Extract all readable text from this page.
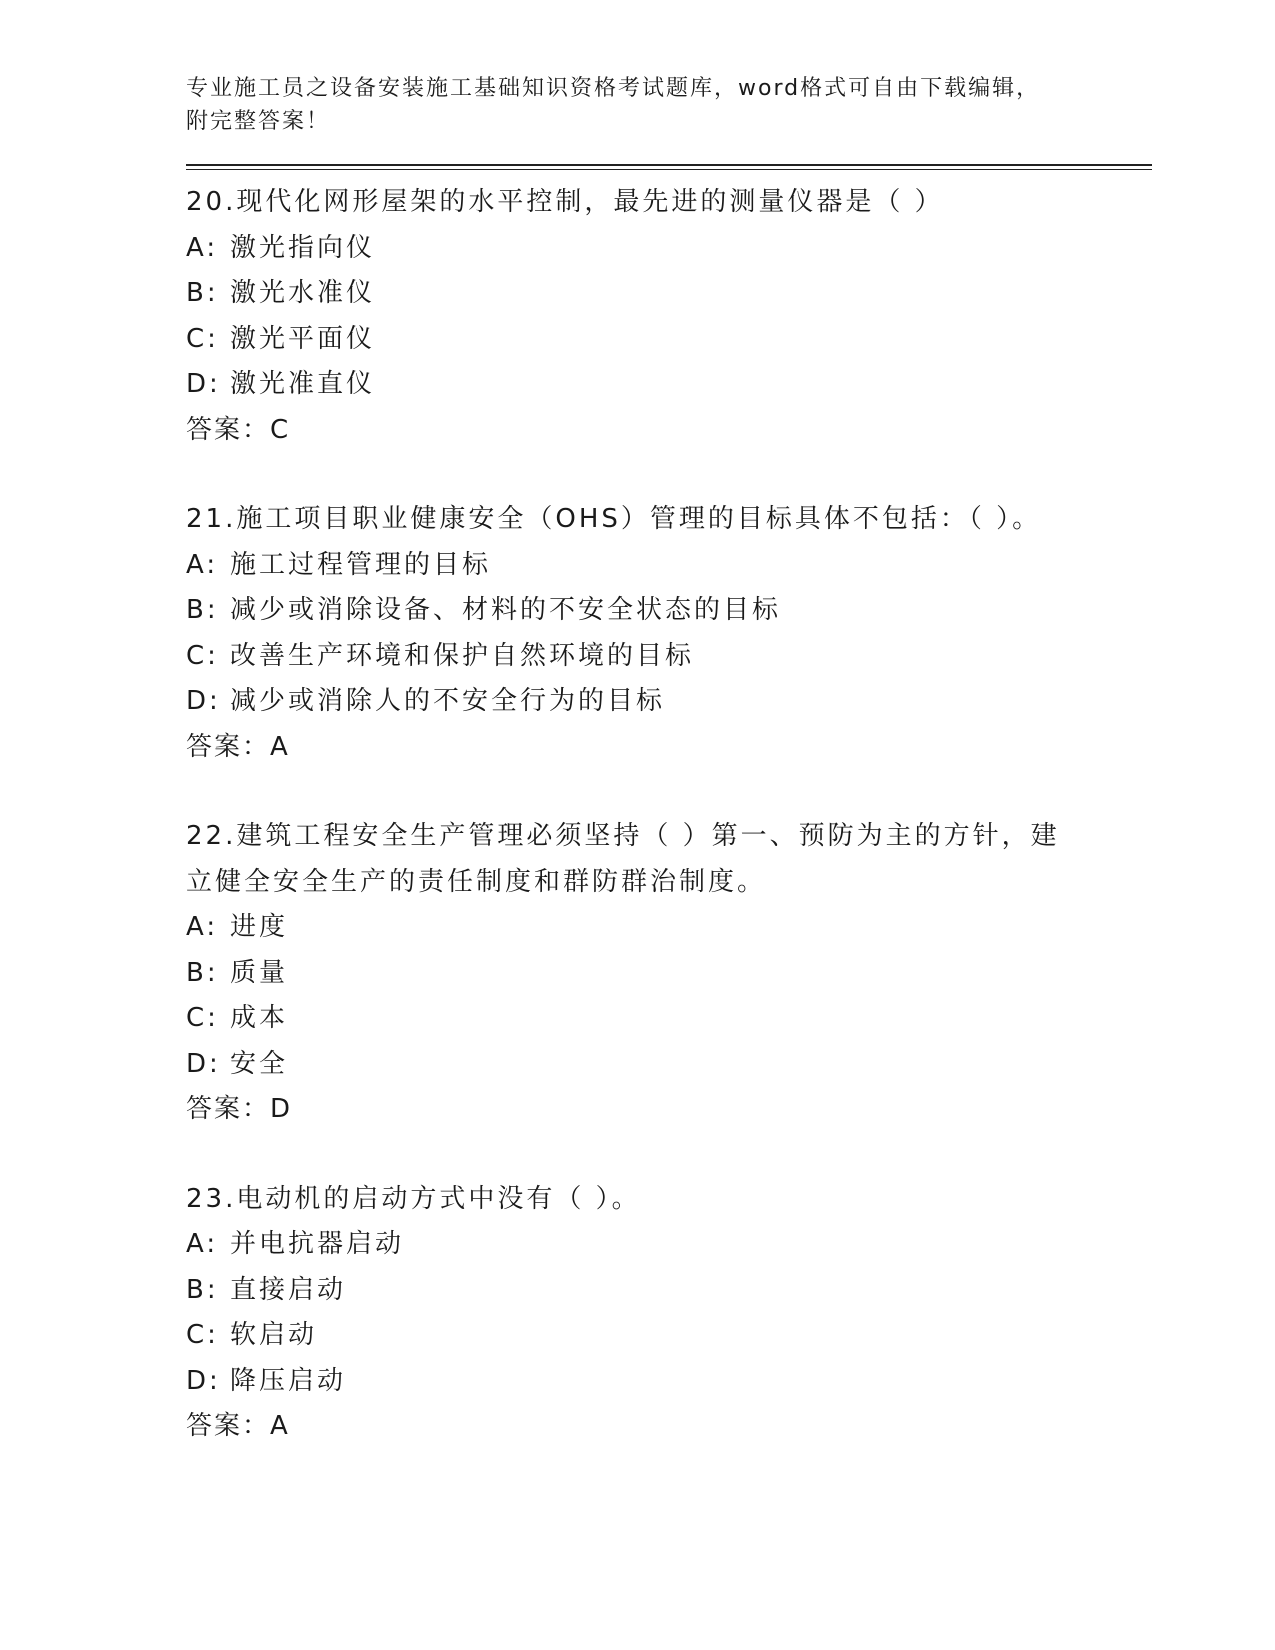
专业施工员之设备安装施工基础知识资格考试题库，word格式可自由下载编辑，

附完整答案！

20.现代化网形屋架的水平控制，最先进的测量仪器是（ ）
A: 激光指向仪
B: 激光水准仪
C: 激光平面仪
D: 激光准直仪
答案：C
21.施工项目职业健康安全（OHS）管理的目标具体不包括：（ ）。
A: 施工过程管理的目标
B: 减少或消除设备、材料的不安全状态的目标
C: 改善生产环境和保护自然环境的目标
D: 减少或消除人的不安全行为的目标
答案：A
22.建筑工程安全生产管理必须坚持（ ）第一、预防为主的方针，建
立健全安全生产的责任制度和群防群治制度。
A: 进度
B: 质量
C: 成本
D: 安全
答案：D
23.电动机的启动方式中没有（ ）。
A: 并电抗器启动
B: 直接启动
C: 软启动
D: 降压启动
答案：A
